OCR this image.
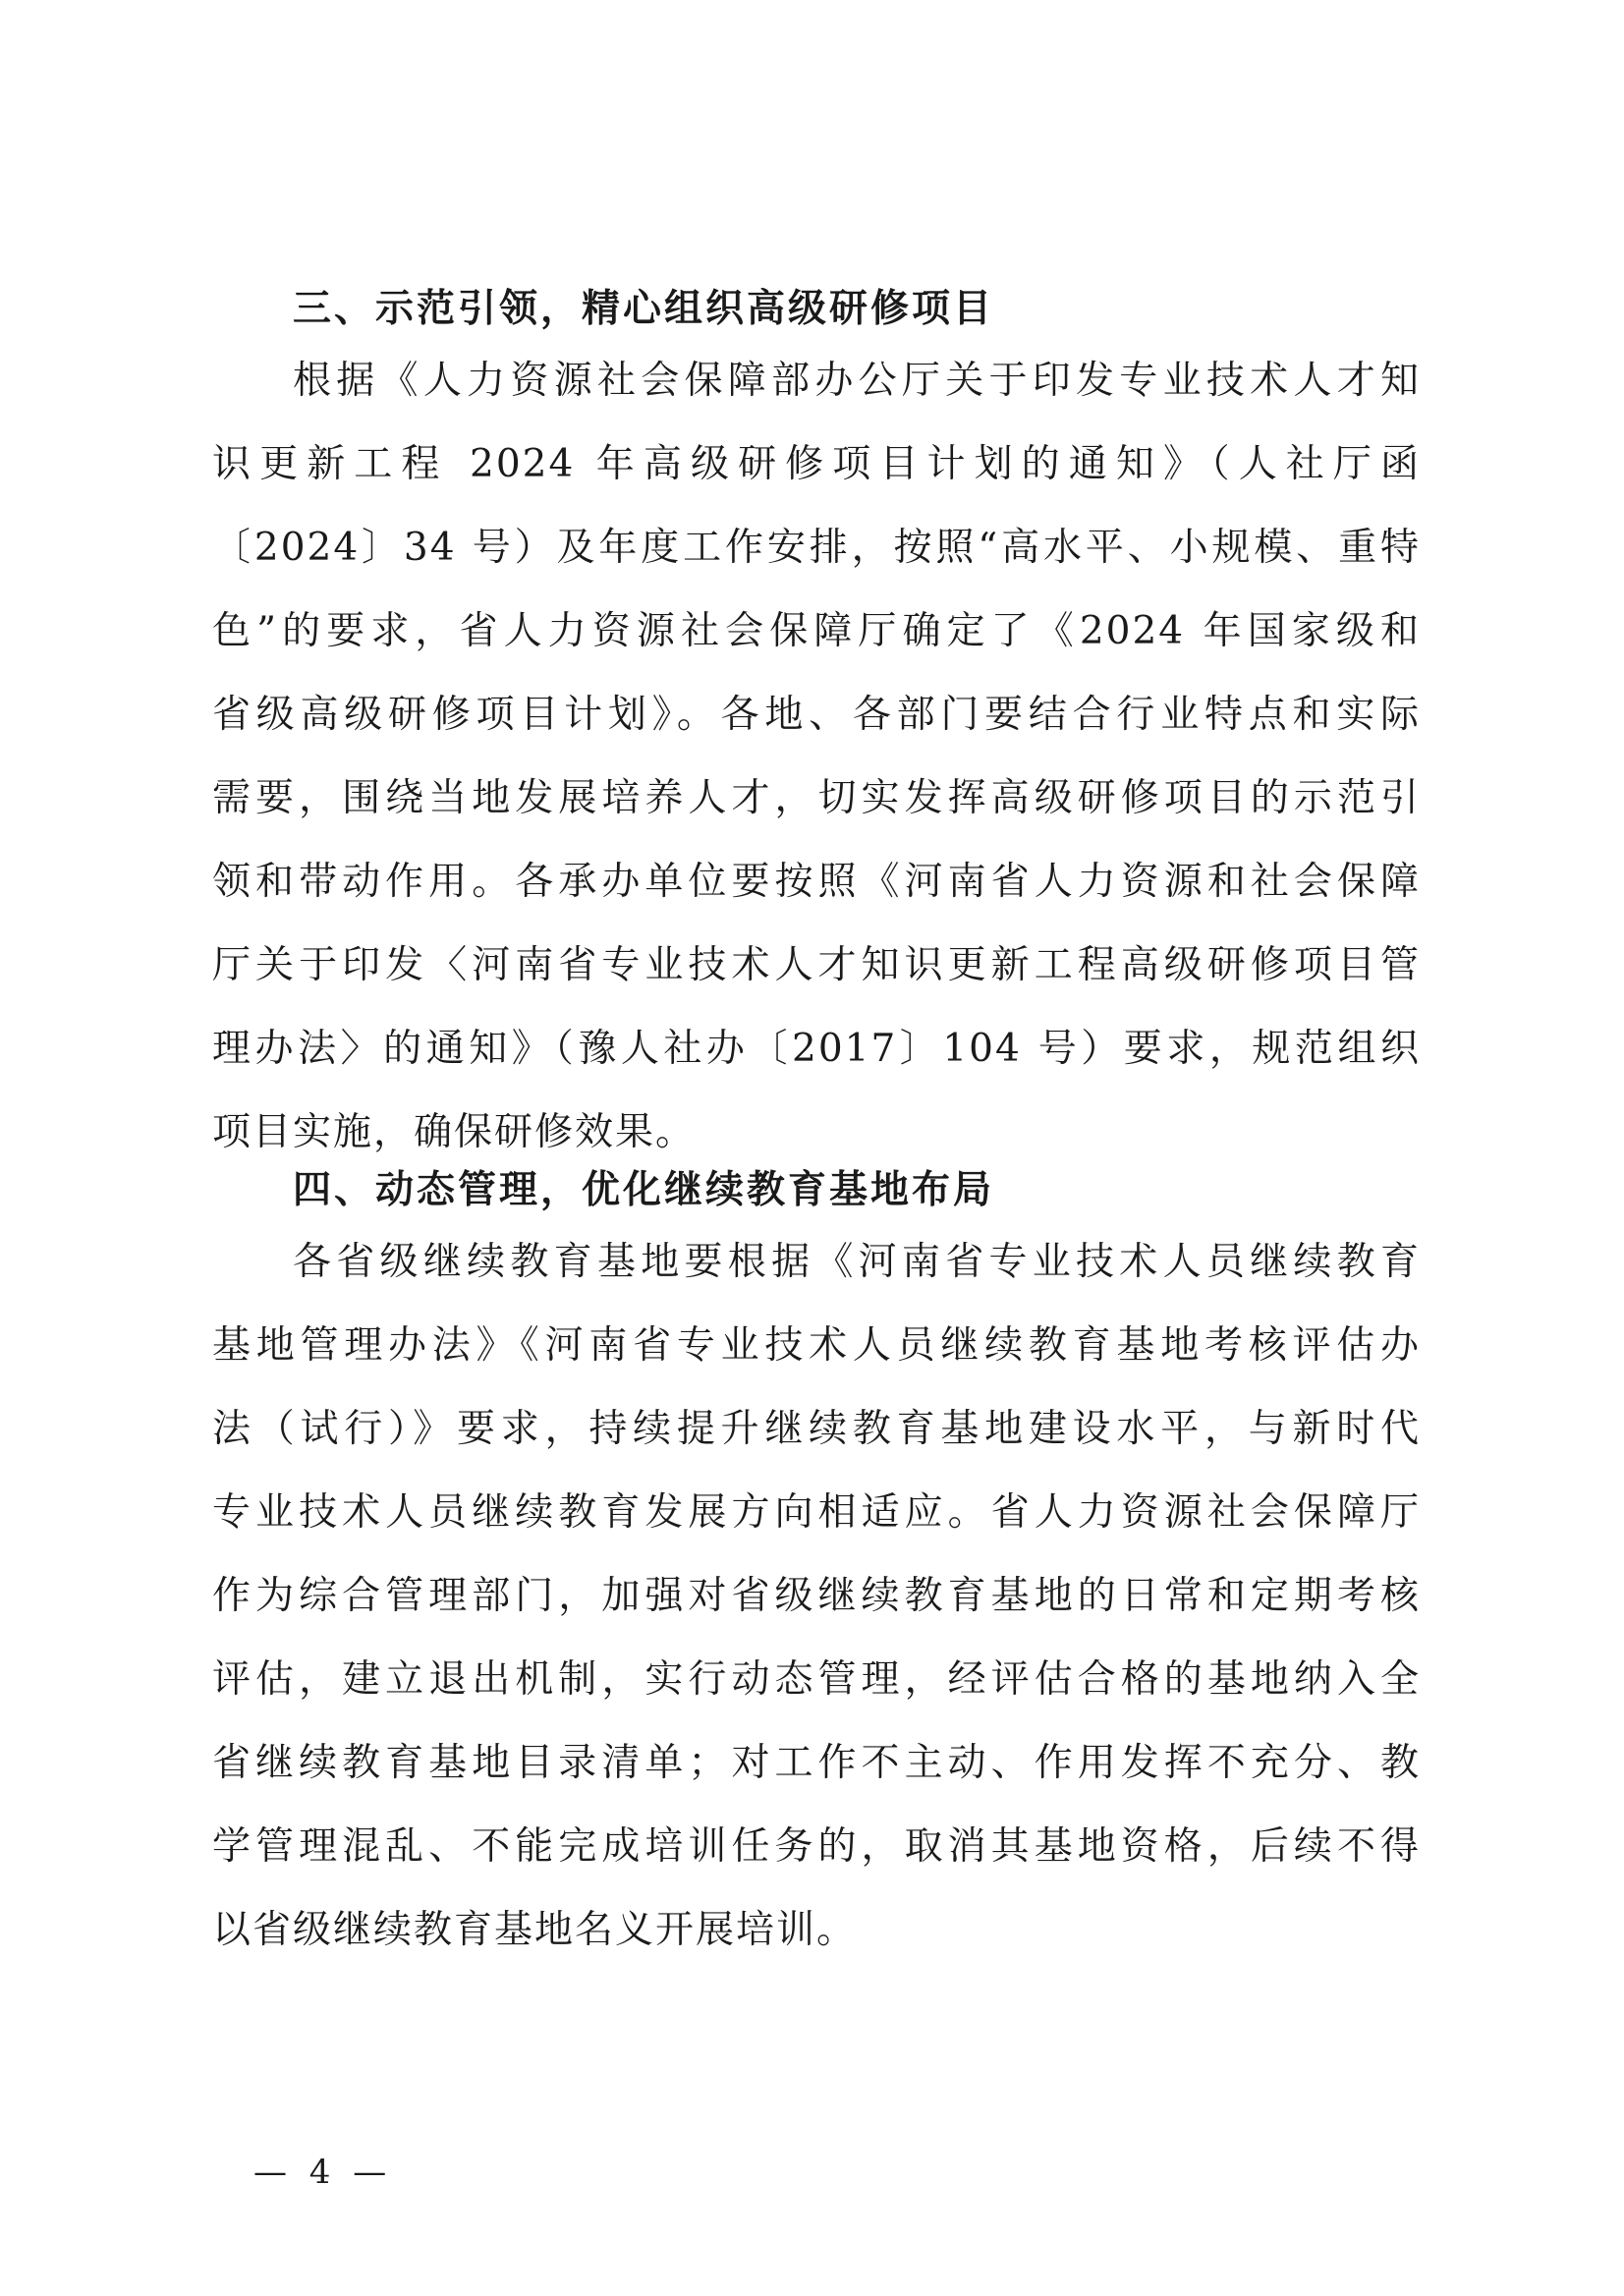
三、示范引领，精心组织高级研修项目
根据《人力资源社会保障部办公厅关于印发专业技术人才知
识更新工程 2024 年高级研修项目计划的通知》（人社厅函
〔2024〕34 号）及年度工作安排，按照“高水平、小规模、重特
色”的要求，省人力资源社会保障厅确定了《2024 年国家级和
省级高级研修项目计划》。各地、各部门要结合行业特点和实际
需要，围绕当地发展培养人才，切实发挥高级研修项目的示范引
领和带动作用。各承办单位要按照《河南省人力资源和社会保障
厅关于印发〈河南省专业技术人才知识更新工程高级研修项目管
理办法〉的通知》（豫人社办〔2017〕104 号）要求，规范组织
项目实施，确保研修效果。
四、动态管理，优化继续教育基地布局
各省级继续教育基地要根据《河南省专业技术人员继续教育
基地管理办法》《河南省专业技术人员继续教育基地考核评估办
法（试行）》要求，持续提升继续教育基地建设水平，与新时代
专业技术人员继续教育发展方向相适应。省人力资源社会保障厅
作为综合管理部门，加强对省级继续教育基地的日常和定期考核
评估，建立退出机制，实行动态管理，经评估合格的基地纳入全
省继续教育基地目录清单；对工作不主动、作用发挥不充分、教
学管理混乱、不能完成培训任务的，取消其基地资格，后续不得
以省级继续教育基地名义开展培训。
— 4 —
